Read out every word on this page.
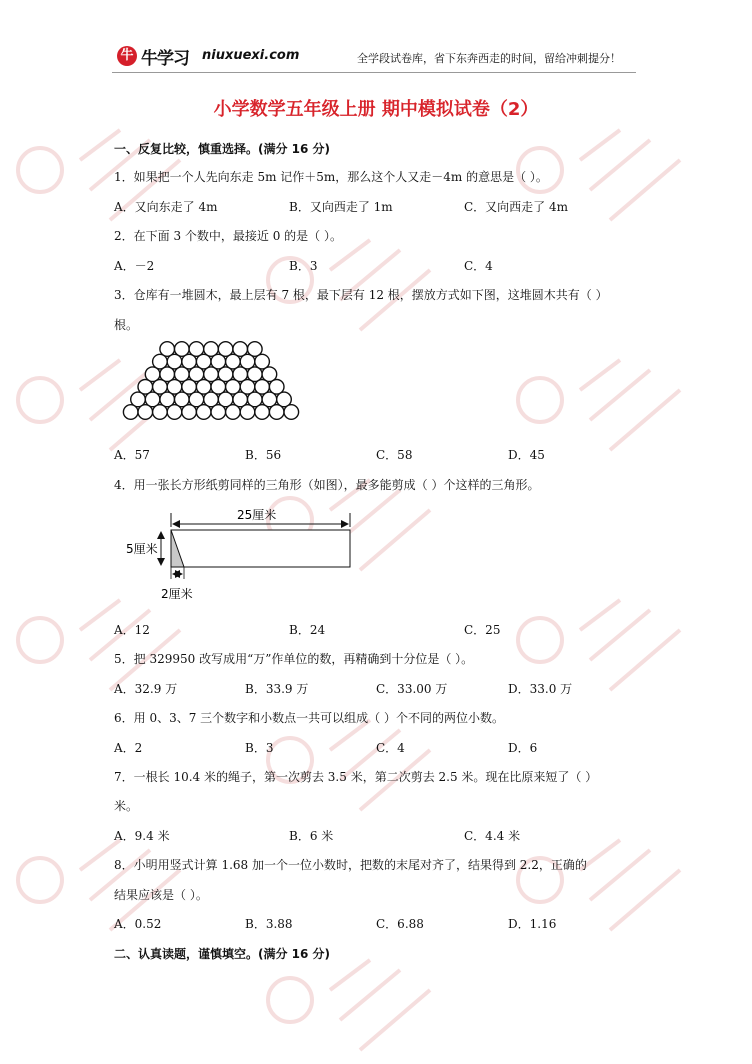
牛 牛学习 niuxuexi.com	全学段试卷库，省下东奔西走的时间，留给冲刺提分！
小学数学五年级上册 期中模拟试卷（2）
一、反复比较，慎重选择。(满分 16 分)
1．如果把一个人先向东走 5m 记作＋5m，那么这个人又走－4m 的意思是（ ）。
A．又向东走了 4m	B．又向西走了 1m	C．又向西走了 4m
2．在下面 3 个数中，最接近 0 的是（ ）。
A．－2	B．3	C．4
3．仓库有一堆圆木，最上层有 7 根，最下层有 12 根，摆放方式如下图，这堆圆木共有（ ）
根。
A．57	B．56	C．58	D．45
4．用一张长方形纸剪同样的三角形（如图），最多能剪成（ ）个这样的三角形。
25厘米
5厘米
2厘米
A．12	B．24	C．25
5．把 329950 改写成用“万”作单位的数，再精确到十分位是（ ）。
A．32.9 万	B．33.9 万	C．33.00 万	D．33.0 万
6．用 0、3、7 三个数字和小数点一共可以组成（ ）个不同的两位小数。
A．2	B．3	C．4	D．6
7．一根长 10.4 米的绳子，第一次剪去 3.5 米，第二次剪去 2.5 米。现在比原来短了（ ）
米。
A．9.4 米	B．6 米	C．4.4 米
8．小明用竖式计算 1.68 加一个一位小数时，把数的末尾对齐了，结果得到 2.2，正确的
结果应该是（ ）。
A．0.52	B．3.88	C．6.88	D．1.16
二、认真读题，谨慎填空。(满分 16 分)
